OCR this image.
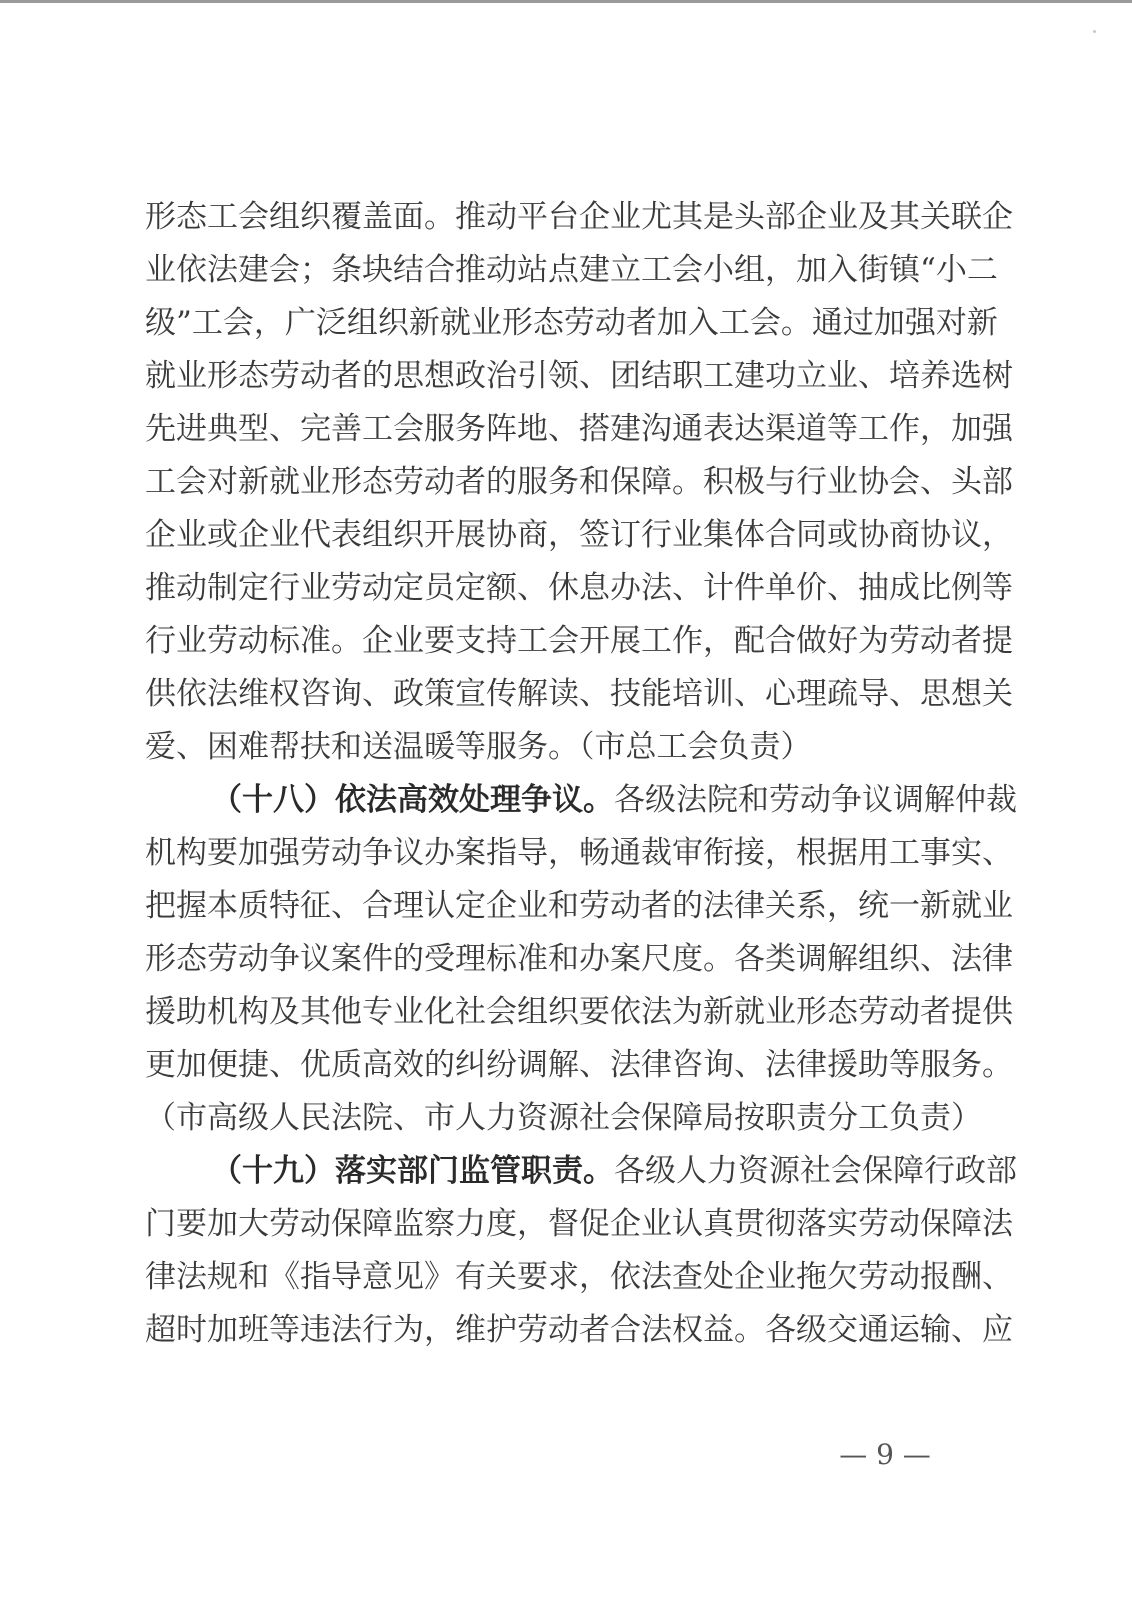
形态工会组织覆盖面。推动平台企业尤其是头部企业及其关联企
业依法建会；条块结合推动站点建立工会小组，加入街镇“小二
级”工会，广泛组织新就业形态劳动者加入工会。通过加强对新
就业形态劳动者的思想政治引领、团结职工建功立业、培养选树
先进典型、完善工会服务阵地、搭建沟通表达渠道等工作，加强
工会对新就业形态劳动者的服务和保障。积极与行业协会、头部
企业或企业代表组织开展协商，签订行业集体合同或协商协议，
推动制定行业劳动定员定额、休息办法、计件单价、抽成比例等
行业劳动标准。企业要支持工会开展工作，配合做好为劳动者提
供依法维权咨询、政策宣传解读、技能培训、心理疏导、思想关
爱、困难帮扶和送温暖等服务。（市总工会负责）
（十八）依法高效处理争议。各级法院和劳动争议调解仲裁
机构要加强劳动争议办案指导，畅通裁审衔接，根据用工事实、
把握本质特征、合理认定企业和劳动者的法律关系，统一新就业
形态劳动争议案件的受理标准和办案尺度。各类调解组织、法律
援助机构及其他专业化社会组织要依法为新就业形态劳动者提供
更加便捷、优质高效的纠纷调解、法律咨询、法律援助等服务。
（市高级人民法院、市人力资源社会保障局按职责分工负责）
（十九）落实部门监管职责。各级人力资源社会保障行政部
门要加大劳动保障监察力度，督促企业认真贯彻落实劳动保障法
律法规和《指导意见》有关要求，依法查处企业拖欠劳动报酬、
超时加班等违法行为，维护劳动者合法权益。各级交通运输、应
— 9 —
